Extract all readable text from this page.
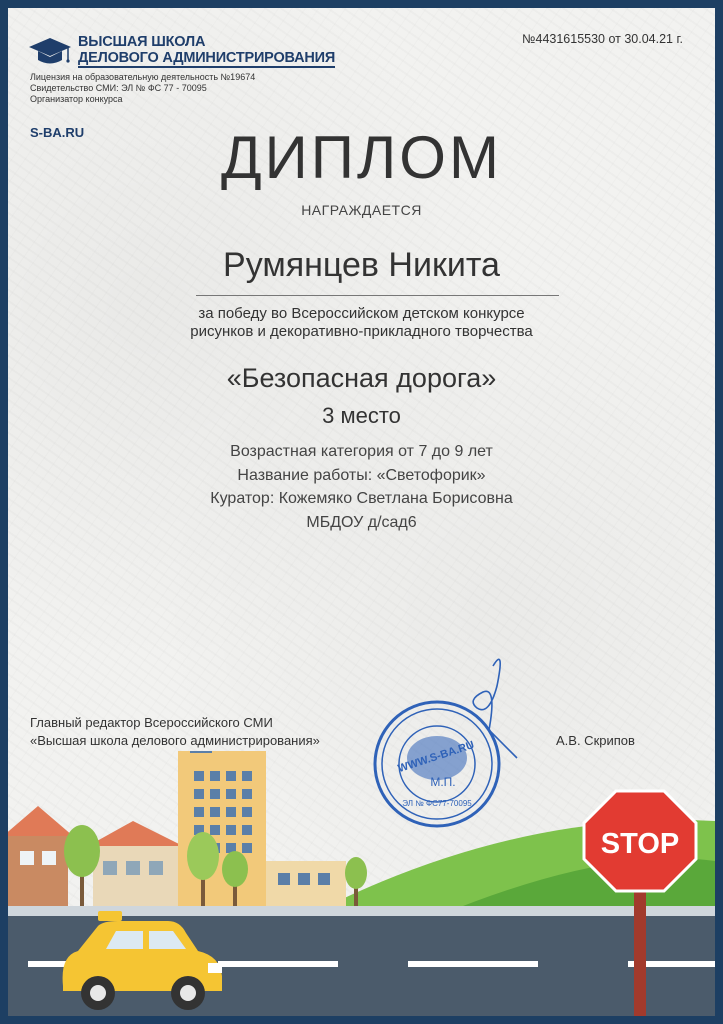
ВЫСШАЯ ШКОЛА
ДЕЛОВОГО АДМИНИСТРИРОВАНИЯ
Лицензия на образовательную деятельность №19674
Свидетельство СМИ: ЭЛ № ФС 77 - 70095
Организатор конкурса
S-BA.RU
№4431615530 от 30.04.21 г.
ДИПЛОМ
НАГРАЖДАЕТСЯ
Румянцев Никита
за победу во Всероссийском детском конкурсе
рисунков и декоративно-прикладного творчества
«Безопасная дорога»
3 место
Возрастная категория от 7 до 9 лет
Название работы: «Светофорик»
Куратор: Кожемяко Светлана Борисовна
МБДОУ д/сад6
Главный редактор Всероссийского СМИ
«Высшая школа делового администрирования»	А.В. Скрипов
WWW.S-BA.RU
М.П.
ЭЛ № ФС77-70095
STOP
